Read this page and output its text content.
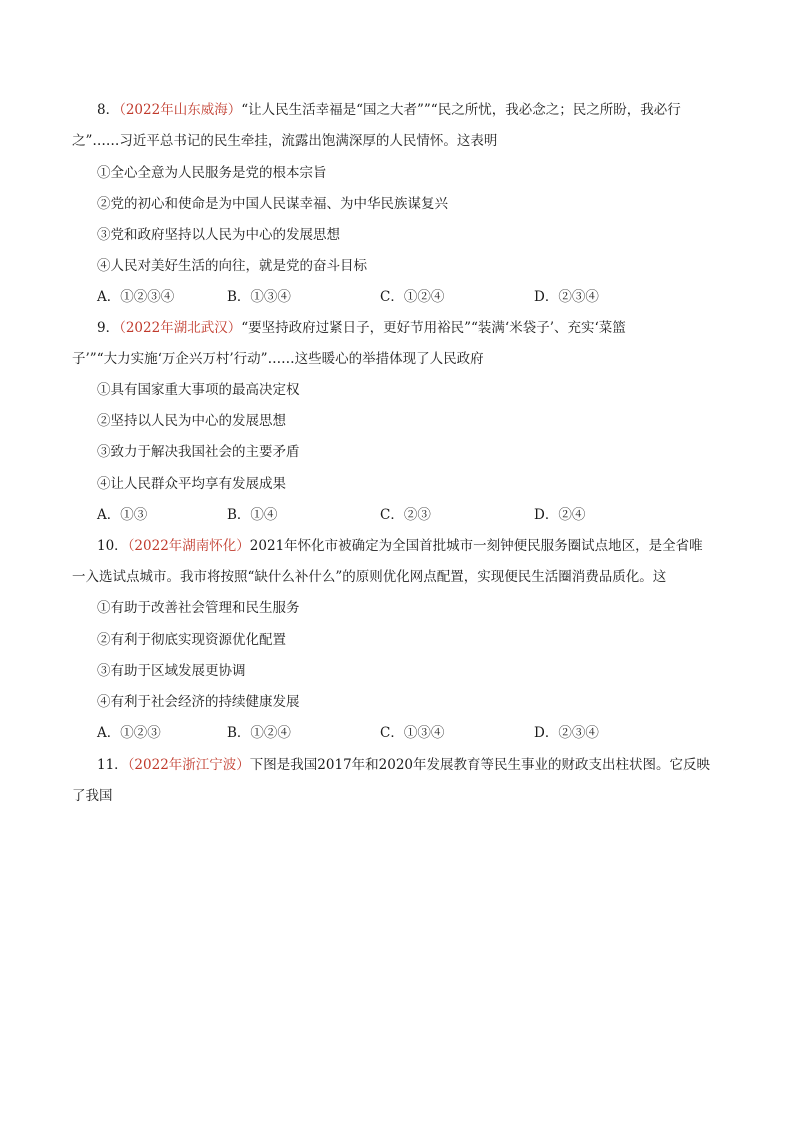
8．（2022年山东威海）“让人民生活幸福是“国之大者””“民之所忧，我必念之；民之所盼，我必行
之”……习近平总书记的民生牵挂，流露出饱满深厚的人民情怀。这表明
①全心全意为人民服务是党的根本宗旨
②党的初心和使命是为中国人民谋幸福、为中华民族谋复兴
③党和政府坚持以人民为中心的发展思想
④人民对美好生活的向往，就是党的奋斗目标
A．①②③④	B．①③④	C．①②④	D．②③④
9．（2022年湖北武汉）“要坚持政府过紧日子，更好节用裕民”“装满‘米袋子’、充实‘菜篮
子’”“大力实施‘万企兴万村’行动”……这些暖心的举措体现了人民政府
①具有国家重大事项的最高决定权
②坚持以人民为中心的发展思想
③致力于解决我国社会的主要矛盾
④让人民群众平均享有发展成果
A．①③	B．①④	C．②③	D．②④
10．（2022年湖南怀化）2021年怀化市被确定为全国首批城市一刻钟便民服务圈试点地区，是全省唯
一入选试点城市。我市将按照“缺什么补什么”的原则优化网点配置，实现便民生活圈消费品质化。这
①有助于改善社会管理和民生服务
②有利于彻底实现资源优化配置
③有助于区域发展更协调
④有利于社会经济的持续健康发展
A．①②③	B．①②④	C．①③④	D．②③④
11．（2022年浙江宁波）下图是我国2017年和2020年发展教育等民生事业的财政支出柱状图。它反映
了我国
